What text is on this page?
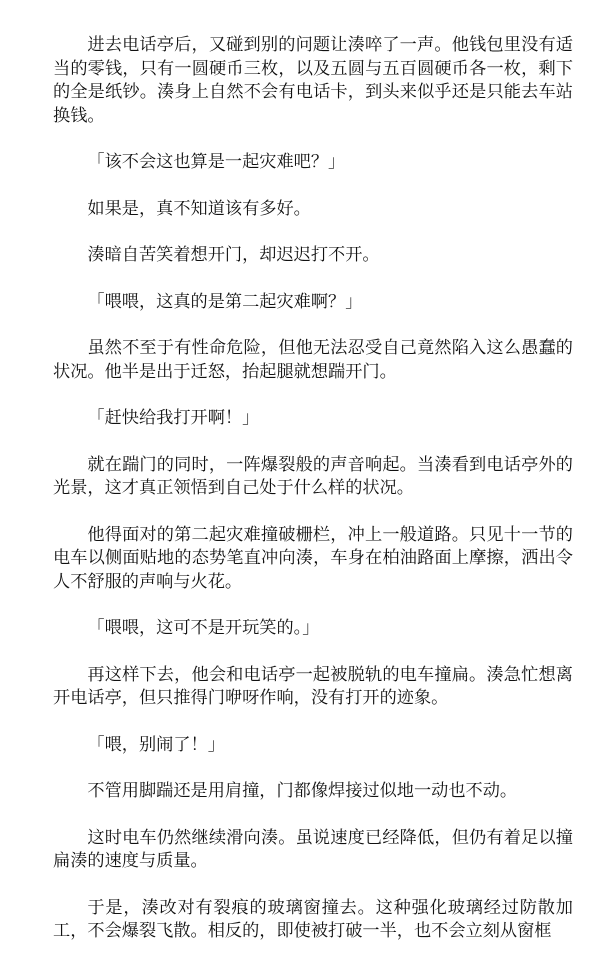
进去电话亭后，又碰到别的问题让湊啐了一声。他钱包里没有适当的零钱，只有一圆硬币三枚，以及五圆与五百圆硬币各一枚，剩下的全是纸钞。湊身上自然不会有电话卡，到头来似乎还是只能去车站换钱。

「该不会这也算是一起灾难吧？」

如果是，真不知道该有多好。

湊暗自苦笑着想开门，却迟迟打不开。

「喂喂，这真的是第二起灾难啊？」

虽然不至于有性命危险，但他无法忍受自己竟然陷入这么愚蠢的状况。他半是出于迁怒，抬起腿就想踹开门。

「赶快给我打开啊！」

就在踹门的同时，一阵爆裂般的声音响起。当湊看到电话亭外的光景，这才真正领悟到自己处于什么样的状况。

他得面对的第二起灾难撞破栅栏，冲上一般道路。只见十一节的电车以侧面贴地的态势笔直冲向湊，车身在柏油路面上摩擦，洒出令人不舒服的声响与火花。

「喂喂，这可不是开玩笑的。」

再这样下去，他会和电话亭一起被脱轨的电车撞扁。湊急忙想离开电话亭，但只推得门咿呀作响，没有打开的迹象。

「喂，别闹了！」

不管用脚踹还是用肩撞，门都像焊接过似地一动也不动。

这时电车仍然继续滑向湊。虽说速度已经降低，但仍有着足以撞扁湊的速度与质量。

于是，湊改对有裂痕的玻璃窗撞去。这种强化玻璃经过防散加工，不会爆裂飞散。相反的，即使被打破一半，也不会立刻从窗框
